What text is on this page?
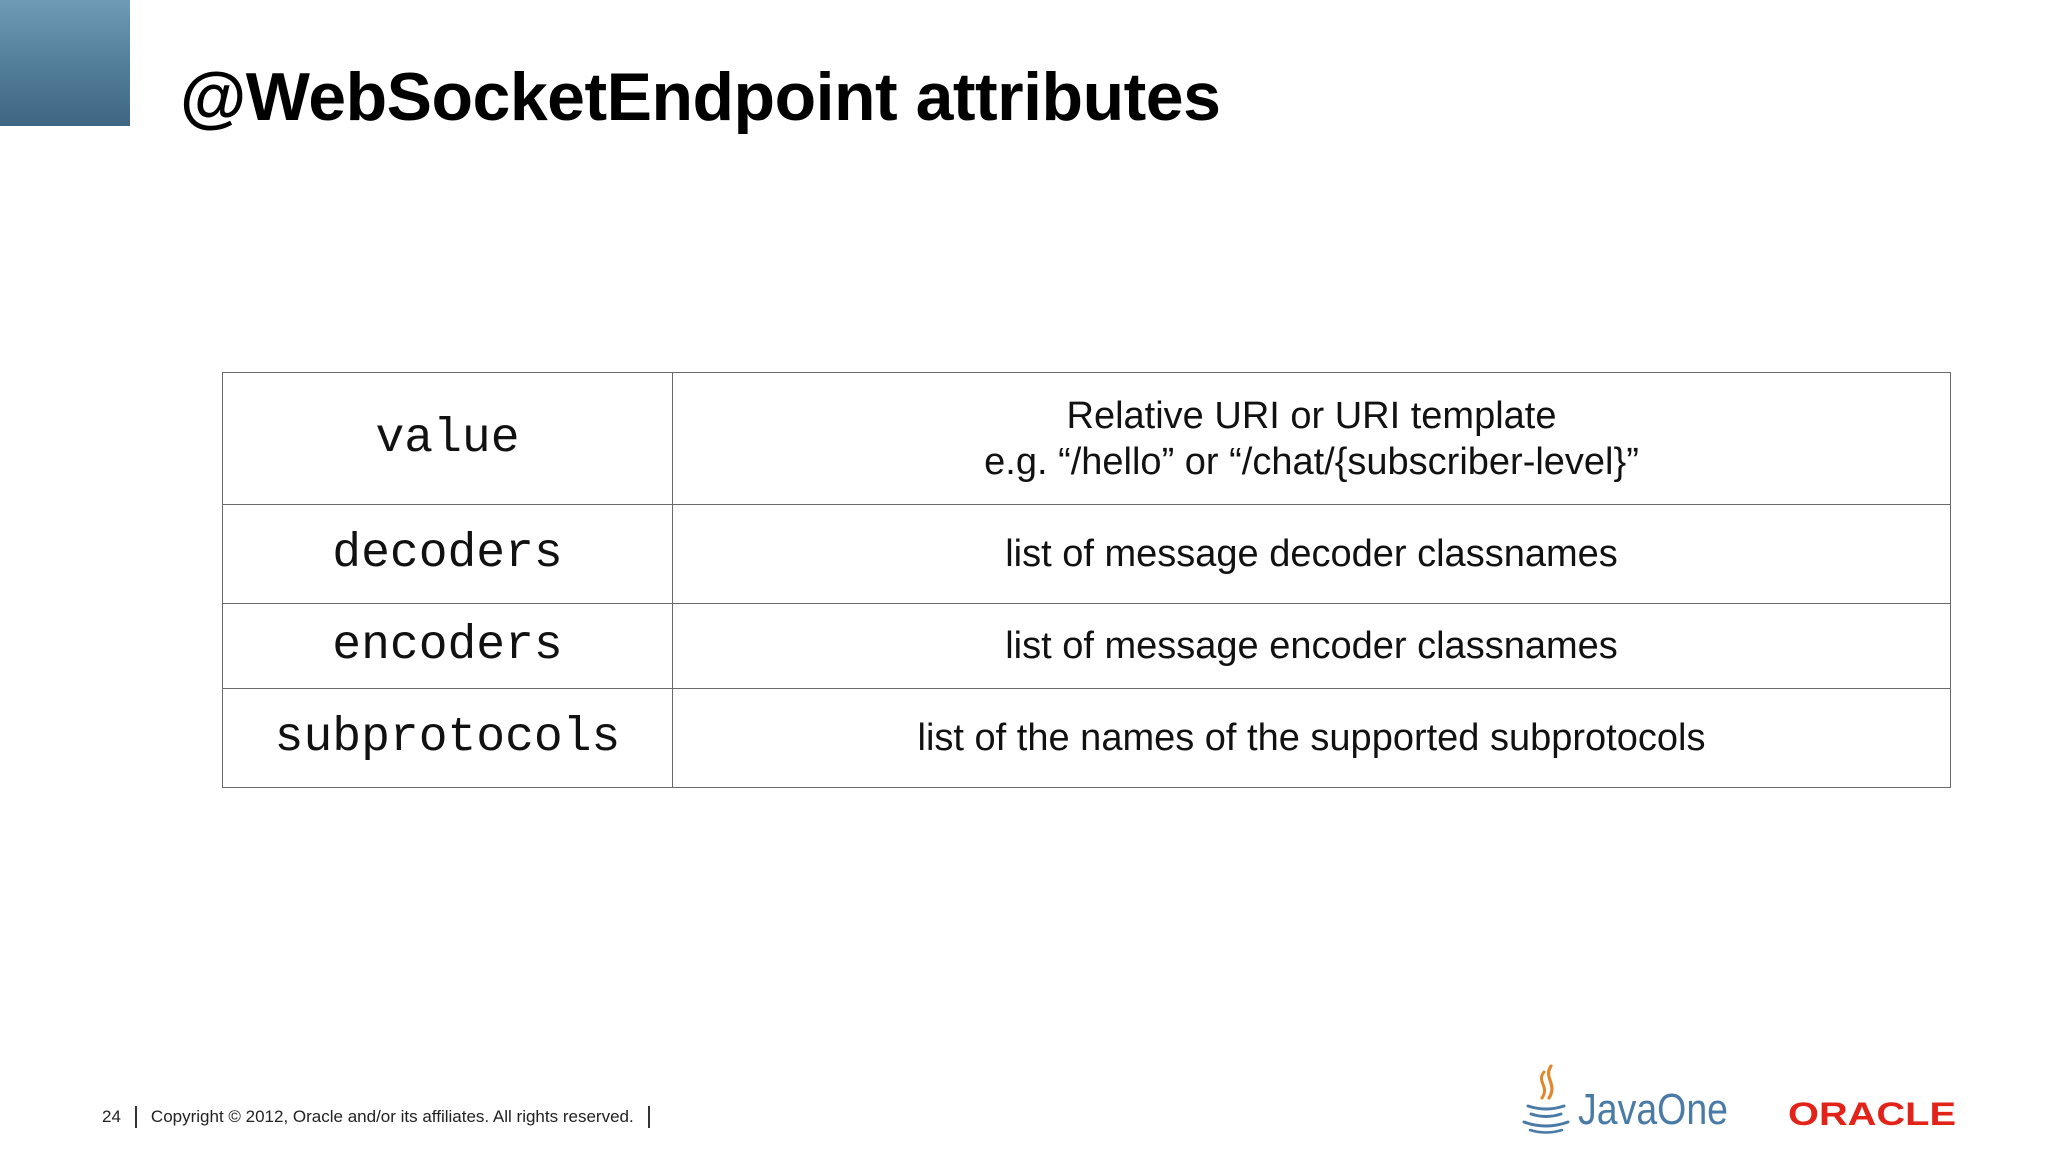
@WebSocketEndpoint attributes
value	Relative URI or URI template
e.g. “/hello” or “/chat/{subscriber-level}”

decoders	list of message decoder classnames

encoders	list of message encoder classnames

subprotocols	list of the names of the supported subprotocols
24 Copyright © 2012, Oracle and/or its affiliates. All rights reserved.	JavaOne ORACLE
